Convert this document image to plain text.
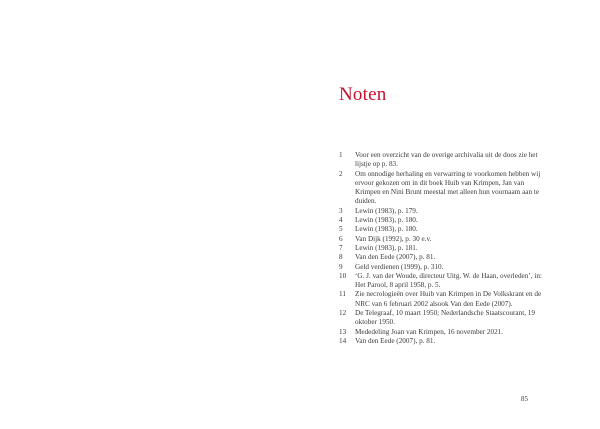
Noten
1	Voor een overzicht van de overige archivalia uit de doos zie het lijstje op p. 83.
2	Om onnodige herhaling en verwarring te voorkomen hebben wij ervoor gekozen om in dit boek Huib van Krimpen, Jan van Krimpen en Nini Brunt meestal met alleen hun voornaam aan te duiden.
3	Lewin (1983), p. 179.
4	Lewin (1983), p. 180.
5	Lewin (1983), p. 180.
6	Van Dijk (1992), p. 30 e.v.
7	Lewin (1983), p. 181.
8	Van den Eede (2007), p. 81.
9	Geld verdienen (1999), p. 310.
10	‘G. J. van der Woude, directeur Uitg. W. de Haan, overleden’, in: Het Parool, 8 april 1958, p. 5.
11	Zie necrologieën over Huib van Krimpen in De Volkskrant en de NRC van 6 februari 2002 alsook Van den Eede (2007).
12	De Telegraaf, 10 maart 1950; Nederlandsche Staatscourant, 19 oktober 1950.
13	Mededeling Joan van Krimpen, 16 november 2021.
14	Van den Eede (2007), p. 81.
85
